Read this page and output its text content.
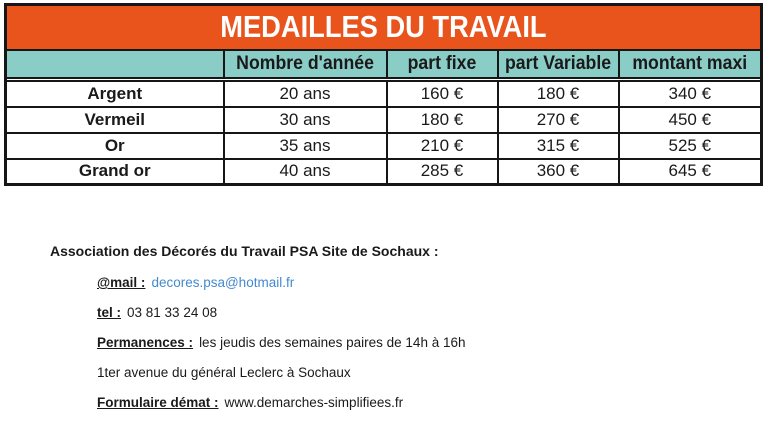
MEDAILLES DU TRAVAIL				
	Nombre d'année	part fixe	part Variable	montant maxi

Argent	20 ans	160 €	180 €	340 €
Vermeil	30 ans	180 €	270 €	450 €
Or	35 ans	210 €	315 €	525 €
Grand or	40 ans	285 €	360 €	645 €
Association des Décorés du Travail PSA Site de Sochaux :
@mail : decores.psa@hotmail.fr
tel : 03 81 33 24 08
Permanences : les jeudis des semaines paires de 14h à 16h
1ter avenue du général Leclerc à Sochaux
Formulaire démat : www.demarches-simplifiees.fr
